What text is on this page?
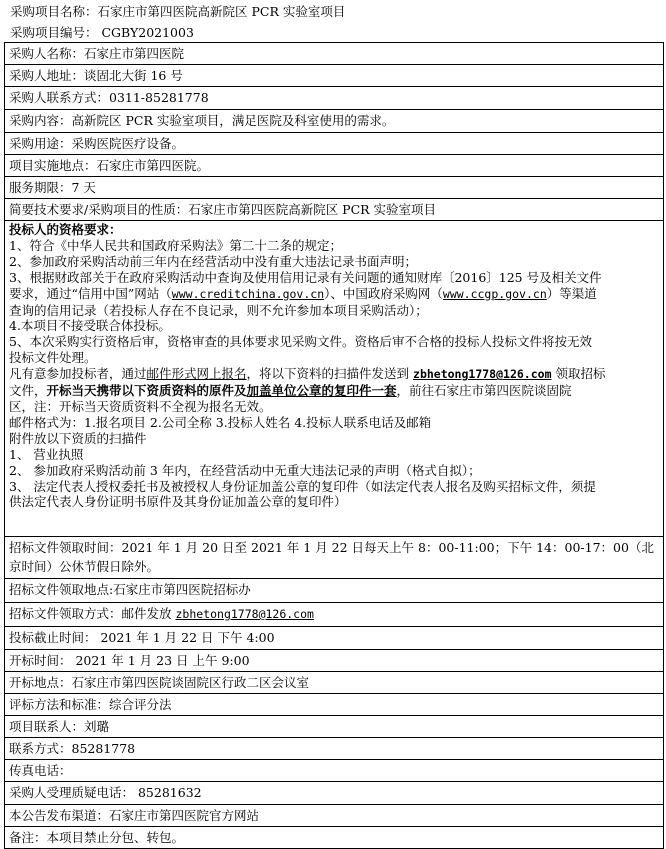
采购项目名称：石家庄市第四医院高新院区 PCR 实验室项目
采购项目编号： CGBY2021003
采购人名称：石家庄市第四医院
采购人地址：谈固北大街 16 号
采购人联系方式：0311-85281778
采购内容：高新院区 PCR 实验室项目，满足医院及科室使用的需求。
采购用途：采购医院医疗设备。
项目实施地点：石家庄市第四医院。
服务期限：7 天
简要技术要求/采购项目的性质：石家庄市第四医院高新院区 PCR 实验室项目
投标人的资格要求：
1、符合《中华人民共和国政府采购法》第二十二条的规定；
2、参加政府采购活动前三年内在经营活动中没有重大违法记录书面声明；
3、根据财政部关于在政府采购活动中查询及使用信用记录有关问题的通知财库〔2016〕125 号及相关文件
要求，通过“信用中国”网站（www.creditchina.gov.cn）、中国政府采购网（www.ccgp.gov.cn）等渠道
查询的信用记录（若投标人存在不良记录，则不允许参加本项目采购活动）；
4.本项目不接受联合体投标。
5、本次采购实行资格后审，资格审查的具体要求见采购文件。资格后审不合格的投标人投标文件将按无效
投标文件处理。
凡有意参加投标者，通过邮件形式网上报名，将以下资料的扫描件发送到 zbhetong1778@126.com 领取招标
文件，开标当天携带以下资质资料的原件及加盖单位公章的复印件一套，前往石家庄市第四医院谈固院
区，注：开标当天资质资料不全视为报名无效。
邮件格式为：1.报名项目 2.公司全称 3.投标人姓名 4.投标人联系电话及邮箱
附件放以下资质的扫描件
1、 营业执照
2、 参加政府采购活动前 3 年内，在经营活动中无重大违法记录的声明（格式自拟）；
3、 法定代表人授权委托书及被授权人身份证加盖公章的复印件（如法定代表人报名及购买招标文件，须提
供法定代表人身份证明书原件及其身份证加盖公章的复印件）
招标文件领取时间：2021 年 1 月 20 日至 2021 年 1 月 22 日每天上午 8：00-11:00；下午 14：00-17：00（北京时间）公休节假日除外。
招标文件领取地点:石家庄市第四医院招标办
招标文件领取方式：邮件发放 zbhetong1778@126.com
投标截止时间： 2021 年 1 月 22 日 下午 4:00
开标时间： 2021 年 1 月 23 日 上午 9:00
开标地点：石家庄市第四医院谈固院区行政二区会议室
评标方法和标准：综合评分法
项目联系人：刘璐
联系方式：85281778
传真电话：
采购人受理质疑电话： 85281632
本公告发布渠道：石家庄市第四医院官方网站
备注：本项目禁止分包、转包。
